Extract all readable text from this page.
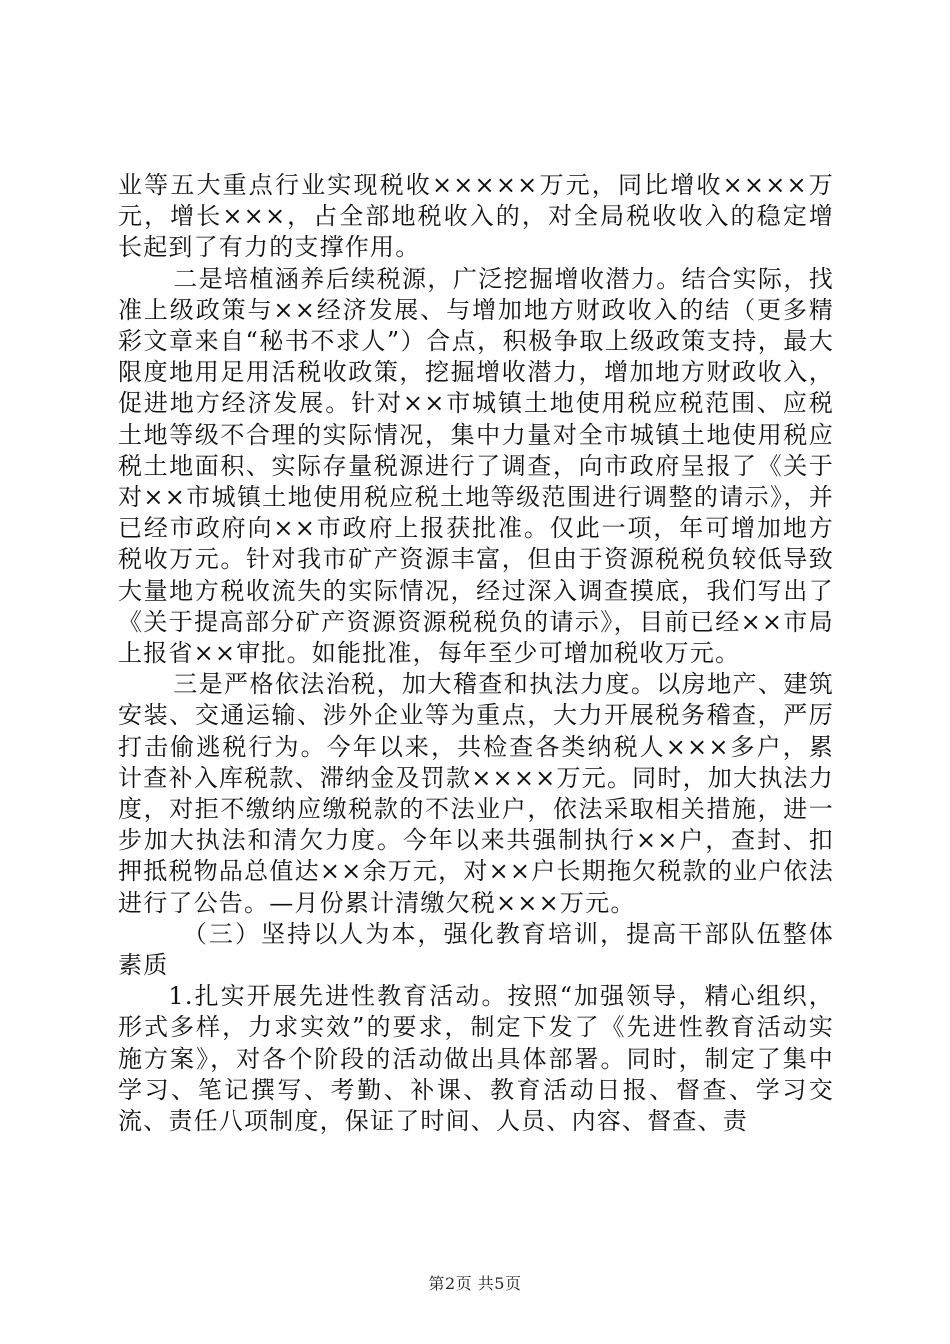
业等五大重点行业实现税收×××××万元，同比增收××××万元，增长×××，占全部地税收入的，对全局税收收入的稳定增长起到了有力的支撑作用。

二是培植涵养后续税源，广泛挖掘增收潜力。结合实际，找准上级政策与××经济发展、与增加地方财政收入的结（更多精彩文章来自“秘书不求人”）合点，积极争取上级政策支持，最大限度地用足用活税收政策，挖掘增收潜力，增加地方财政收入，促进地方经济发展。针对××市城镇土地使用税应税范围、应税土地等级不合理的实际情况，集中力量对全市城镇土地使用税应税土地面积、实际存量税源进行了调查，向市政府呈报了《关于对××市城镇土地使用税应税土地等级范围进行调整的请示》，并已经市政府向××市政府上报获批准。仅此一项，年可增加地方税收万元。针对我市矿产资源丰富，但由于资源税税负较低导致大量地方税收流失的实际情况，经过深入调查摸底，我们写出了《关于提高部分矿产资源资源税税负的请示》，目前已经××市局上报省××审批。如能批准，每年至少可增加税收万元。

三是严格依法治税，加大稽查和执法力度。以房地产、建筑安装、交通运输、涉外企业等为重点，大力开展税务稽查，严厉打击偷逃税行为。今年以来，共检查各类纳税人×××多户，累计查补入库税款、滞纳金及罚款××××万元。同时，加大执法力度，对拒不缴纳应缴税款的不法业户，依法采取相关措施，进一步加大执法和清欠力度。今年以来共强制执行××户，查封、扣押抵税物品总值达××余万元，对××户长期拖欠税款的业户依法进行了公告。—月份累计清缴欠税×××万元。

（三）坚持以人为本，强化教育培训，提高干部队伍整体素质

1.扎实开展先进性教育活动。按照“加强领导，精心组织，形式多样，力求实效”的要求，制定下发了《先进性教育活动实施方案》，对各个阶段的活动做出具体部署。同时，制定了集中学习、笔记撰写、考勤、补课、教育活动日报、督查、学习交流、责任八项制度，保证了时间、人员、内容、督查、责

第2页 共5页
